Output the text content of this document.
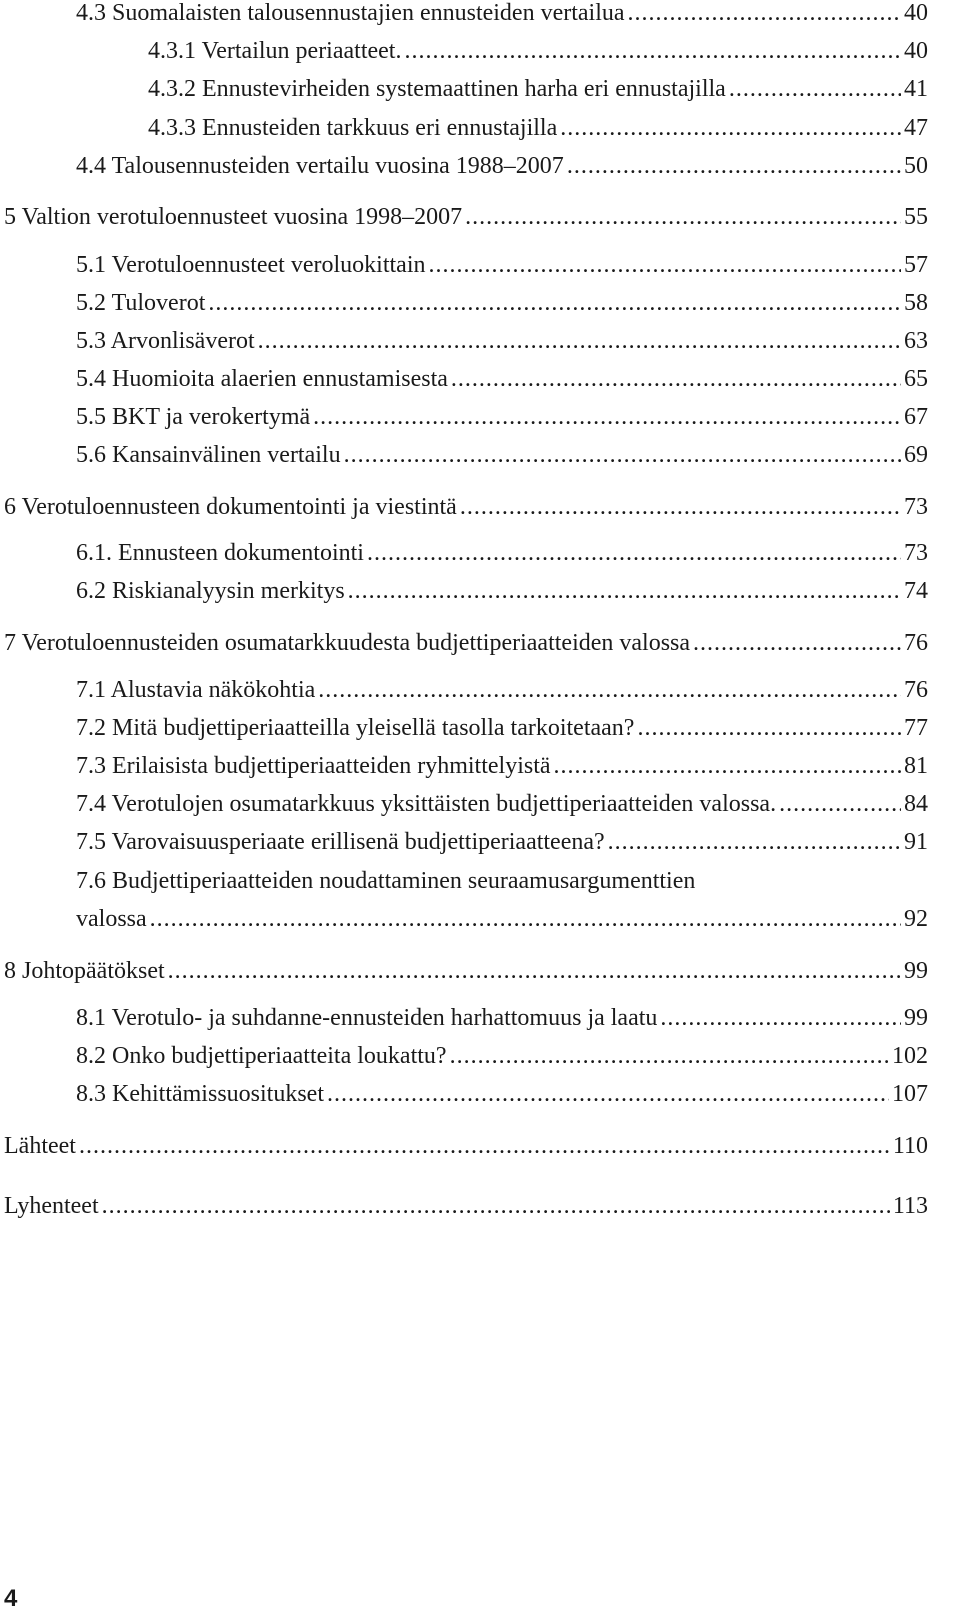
4.3 Suomalaisten talousennustajien ennusteiden vertailua .....	40
4.3.1 Vertailun periaatteet. .....	40
4.3.2 Ennustevirheiden systemaattinen harha eri ennustajilla .....	41
4.3.3 Ennusteiden tarkkuus eri ennustajilla .....	47
4.4 Talousennusteiden vertailu vuosina 1988–2007 .....	50
5 Valtion verotuloennusteet vuosina 1998–2007 .....	55
5.1 Verotuloennusteet veroluokittain .....	57
5.2 Tuloverot .....	58
5.3 Arvonlisäverot .....	63
5.4 Huomioita alaerien ennustamisesta .....	65
5.5 BKT ja verokertymä .....	67
5.6 Kansainvälinen vertailu .....	69
6 Verotuloennusteen dokumentointi ja viestintä .....	73
6.1. Ennusteen dokumentointi .....	73
6.2 Riskianalyysin merkitys .....	74
7 Verotuloennusteiden osumatarkkuudesta budjettiperiaatteiden valossa .....	76
7.1 Alustavia näkökohtia .....	76
7.2 Mitä budjettiperiaatteilla yleisellä tasolla tarkoitetaan? .....	77
7.3 Erilaisista budjettiperiaatteiden ryhmittelyistä .....	81
7.4 Verotulojen osumatarkkuus yksittäisten budjettiperiaatteiden valossa. .....	84
7.5 Varovaisuusperiaate erillisenä budjettiperiaatteena? .....	91
7.6 Budjettiperiaatteiden noudattaminen seuraamusargumenttien
valossa .....	92
8 Johtopäätökset .....	99
8.1 Verotulo- ja suhdanne-ennusteiden harhattomuus ja laatu .....	99
8.2 Onko budjettiperiaatteita loukattu? .....	102
8.3 Kehittämissuositukset .....	107
Lähteet .....	110
Lyhenteet .....	113
4
